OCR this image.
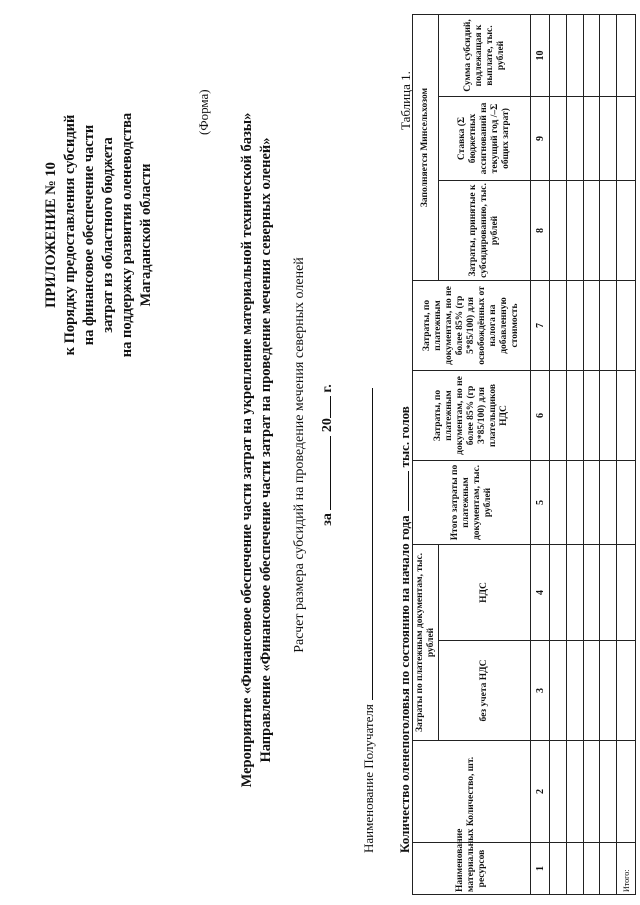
ПРИЛОЖЕНИЕ № 10 к Порядку предоставления субсидий на финансовое обеспечение части затрат из областного бюджета на поддержку развития оленеводства Магаданской области
(Форма)
Мероприятие «Финансовое обеспечение части затрат на укрепление материальной технической базы» Направление «Финансовое обеспечение части затрат на проведение мечения северных оленей» Расчет размера субсидий на проведение мечения северных оленей за  20 г.
Наименование Получателя Количество оленепоголовья по состоянию на начало годатыс. голов
Таблица 1.
Наименование материальных ресурсов	Количество, шт.	Затраты по платежным документам, тыс. рублей		Итого затраты по платежным документам, тыс. рублей	Затраты, по платежным документам, но не более 85% (гр 3*85/100) для плательщиков НДС	Затраты, по платежным документам, но не более 85% (гр 5*85/100) для освобождённых от налога на добавленную стоимость	Заполняется Минсельхозом		
		без учета НДС	НДС				Затраты, принятые к субсидированию, тыс. рублей	Ставка (Σ бюджетных ассигнований на текущий год /–Σ общих затрат)	Сумма субсидий, подлежащая к выплате, тыс. рублей
1	2	3	4	5	6	7	8	9	10

Итого:									
